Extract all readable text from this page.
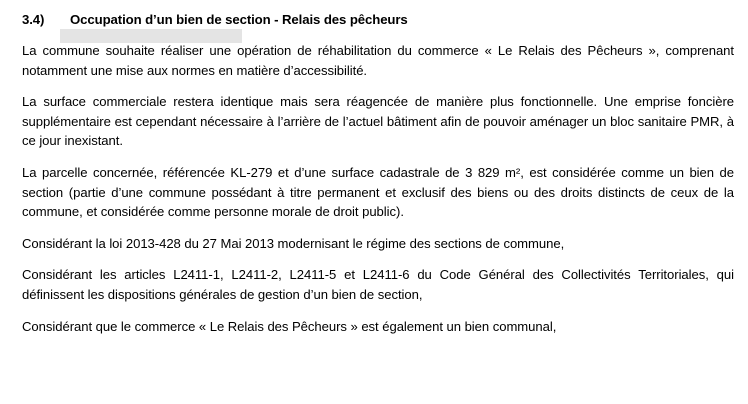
3.4)	Occupation d’un bien de section - Relais des pêcheurs

La commune souhaite réaliser une opération de réhabilitation du commerce « Le Relais des Pêcheurs », comprenant notamment une mise aux normes en matière d’accessibilité.

La surface commerciale restera identique mais sera réagencée de manière plus fonctionnelle. Une emprise foncière supplémentaire est cependant nécessaire à l’arrière de l’actuel bâtiment afin de pouvoir aménager un bloc sanitaire PMR, à ce jour inexistant.

La parcelle concernée, référencée KL-279 et d’une surface cadastrale de 3 829 m², est considérée comme un bien de section (partie d’une commune possédant à titre permanent et exclusif des biens ou des droits distincts de ceux de la commune, et considérée comme personne morale de droit public).

Considérant la loi 2013-428 du 27 Mai 2013 modernisant le régime des sections de commune,

Considérant les articles L2411-1, L2411-2, L2411-5 et L2411-6 du Code Général des Collectivités Territoriales, qui définissent les dispositions générales de gestion d’un bien de section,

Considérant que le commerce « Le Relais des Pêcheurs » est également un bien communal,
